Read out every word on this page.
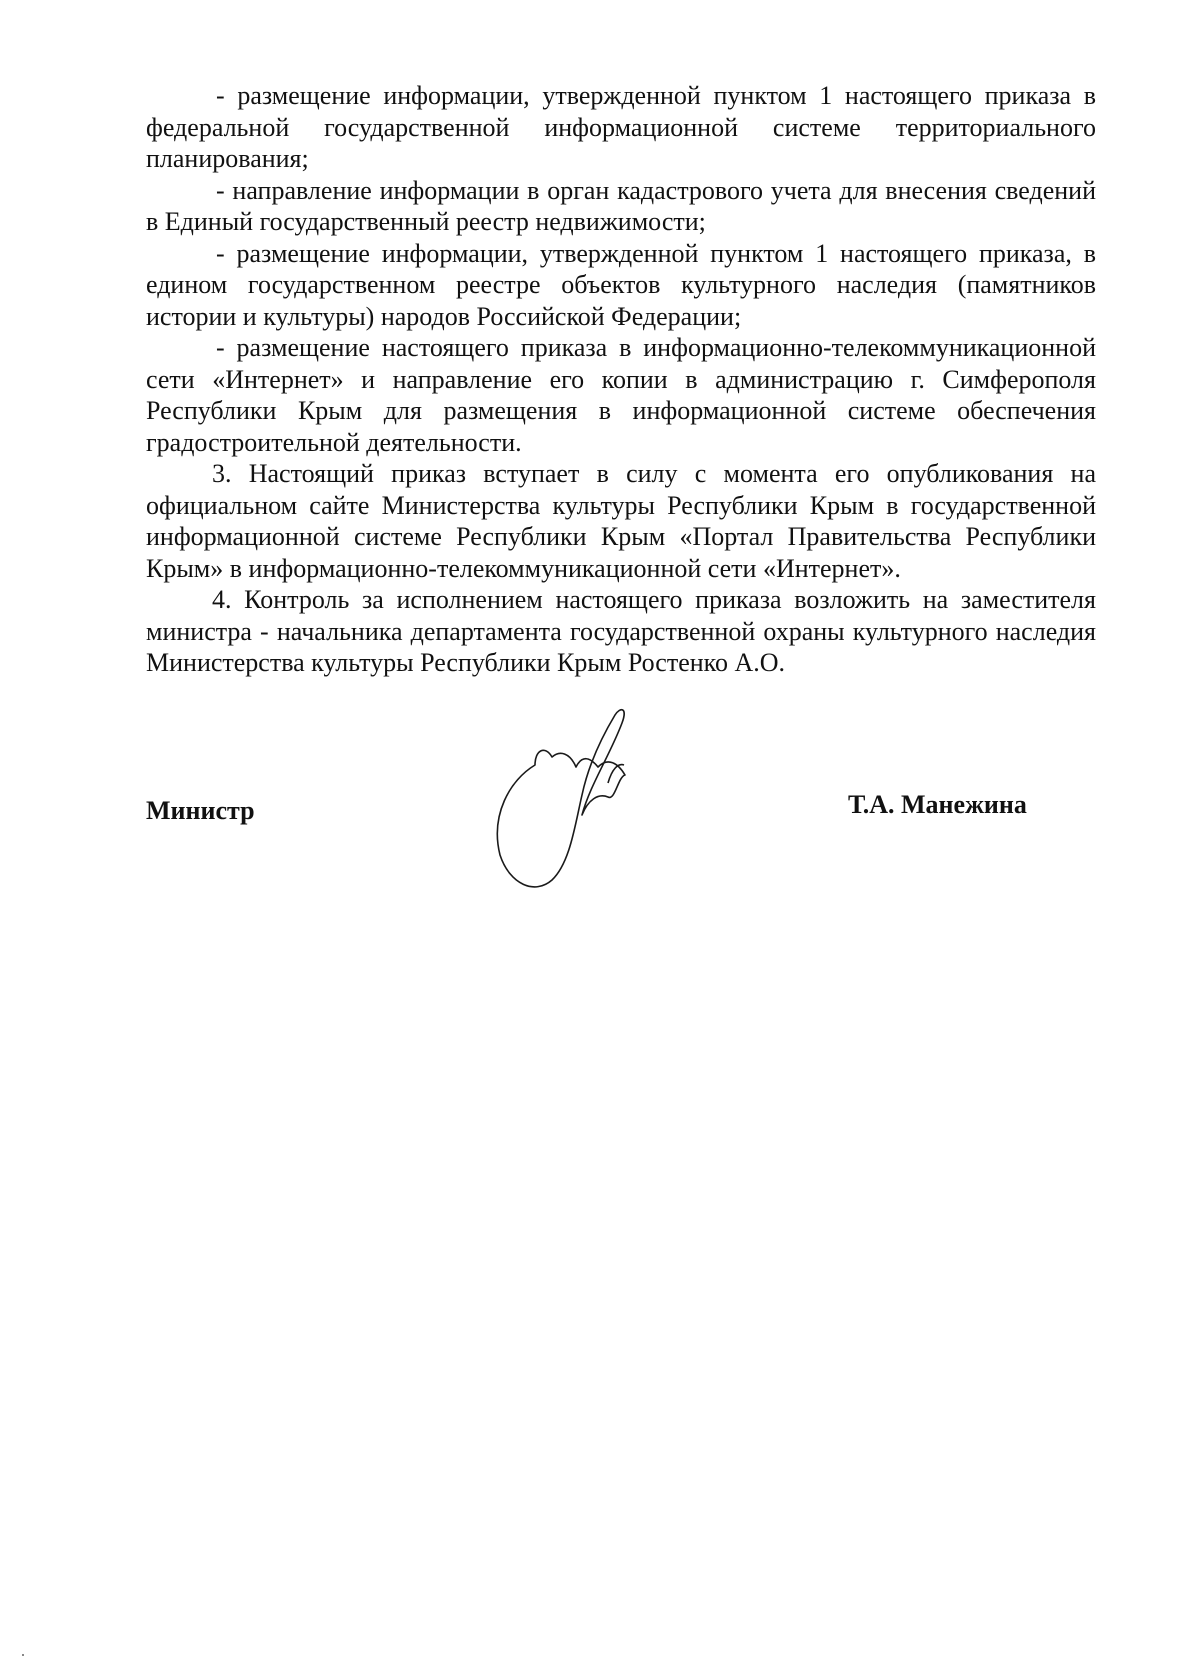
- размещение информации, утвержденной пунктом 1 настоящего приказа в федеральной государственной информационной системе территориального планирования;

- направление информации в орган кадастрового учета для внесения сведений в Единый государственный реестр недвижимости;

- размещение информации, утвержденной пунктом 1 настоящего приказа, в едином государственном реестре объектов культурного наследия (памятников истории и культуры) народов Российской Федерации;

- размещение настоящего приказа в информационно-телекоммуникационной сети «Интернет» и направление его копии в администрацию г. Симферополя Республики Крым для размещения в информационной системе обеспечения градостроительной деятельности.

3. Настоящий приказ вступает в силу с момента его опубликования на официальном сайте Министерства культуры Республики Крым в государственной информационной системе Республики Крым «Портал Правительства Республики Крым» в информационно-телекоммуникационной сети «Интернет».

4. Контроль за исполнением настоящего приказа возложить на заместителя министра - начальника департамента государственной охраны культурного наследия Министерства культуры Республики Крым Ростенко А.О.

Министр	Т.А. Манежина
